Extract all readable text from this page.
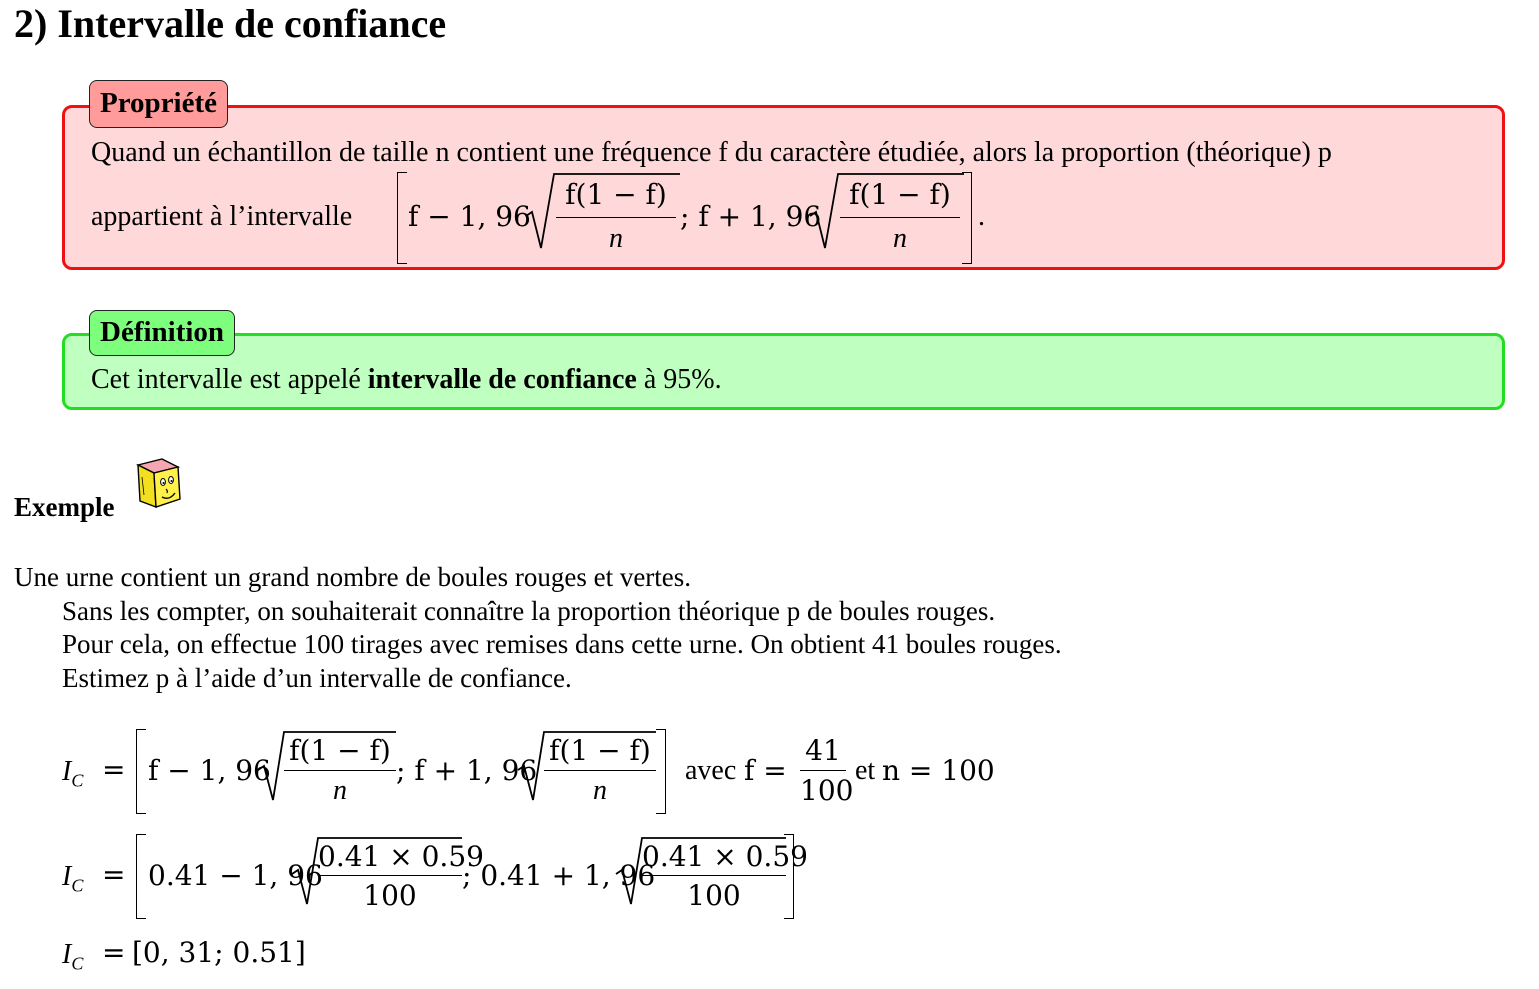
2) Intervalle de confiance
Propriété
Quand un échantillon de taille n contient une fréquence f du caractère étudiée, alors la proportion (théorique) p
appartient à l’intervalle f − 1, 96
f(1 − f)
n
; f + 1, 96
f(1 − f)
n
.
Définition
Cet intervalle est appelé intervalle de confiance à 95%.
Exemple
Une urne contient un grand nombre de boules rouges et vertes.
Sans les compter, on souhaiterait connaître la proportion théorique p de boules rouges.
Pour cela, on effectue 100 tirages avec remises dans cette urne. On obtient 41 boules rouges.
Estimez p à l’aide d’un intervalle de confiance.
$I_C = f - 1$, 96
f(1 − f)
n
; f + 1, 96
f(1 − f)
n
avec f =
41
100
et n = 100
$I_C = 0.41 - 1$, 96
0.41 × 0.59
100
; 0.41 + 1, 96
0.41 × 0.59
100
$I_C = [0$, 31; 0.51]
